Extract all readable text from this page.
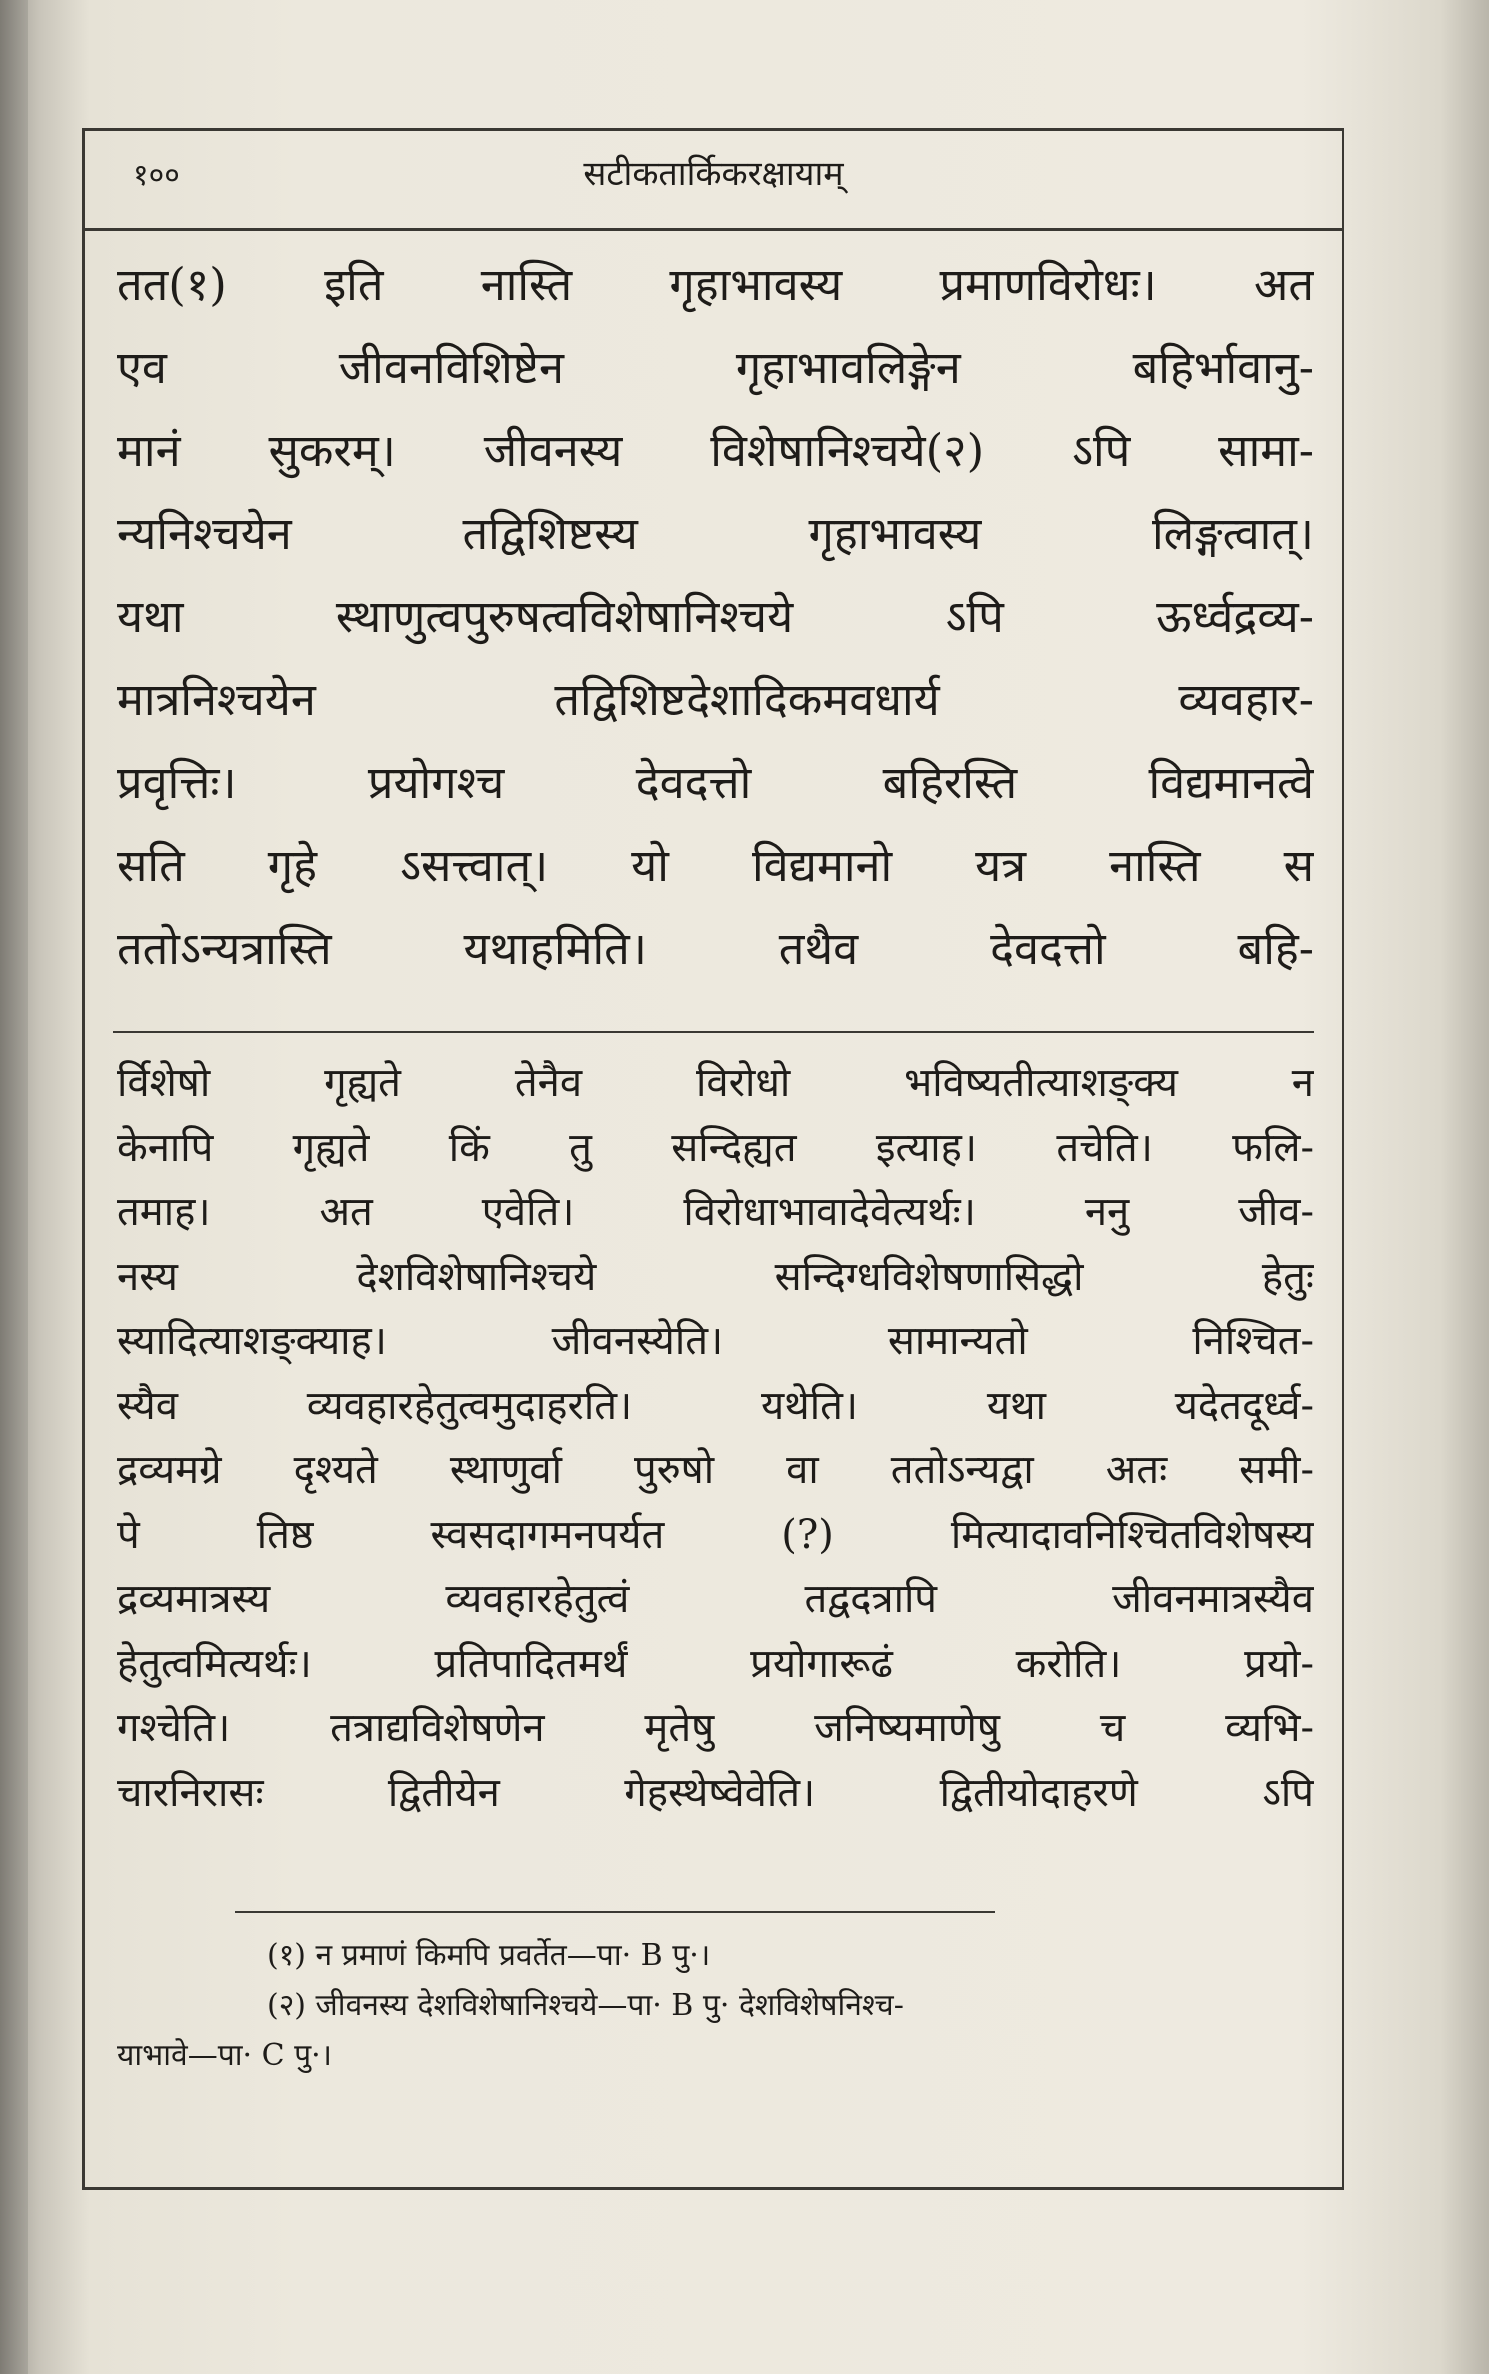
१००	सटीकतार्किकरक्षायाम्
तत(१) इति नास्ति गृहाभावस्य प्रमाणविरोधः। अत
एव जीवनविशिष्टेन गृहाभावलिङ्गेन बहिर्भावानु-
मानं सुकरम्। जीवनस्य विशेषानिश्चये(२) ऽपि सामा-
न्यनिश्चयेन तद्विशिष्टस्य गृहाभावस्य लिङ्गत्वात्।
यथा स्थाणुत्वपुरुषत्वविशेषानिश्चये ऽपि ऊर्ध्वद्रव्य-
मात्रनिश्चयेन तद्विशिष्टदेशादिकमवधार्य व्यवहार-
प्रवृत्तिः। प्रयोगश्च देवदत्तो बहिरस्ति विद्यमानत्वे
सति गृहे ऽसत्त्वात्। यो विद्यमानो यत्र नास्ति स
ततोऽन्यत्रास्ति यथाहमिति। तथैव देवदत्तो बहि-
र्विशेषो गृह्यते तेनैव विरोधो भविष्यतीत्याशङ्क्य न
केनापि गृह्यते किं तु सन्दिह्यत इत्याह। तचेति। फलि-
तमाह। अत एवेति। विरोधाभावादेवेत्यर्थः। ननु जीव-
नस्य देशविशेषानिश्चये सन्दिग्धविशेषणासिद्धो हेतुः
स्यादित्याशङ्क्याह। जीवनस्येति। सामान्यतो निश्चित-
स्यैव व्यवहारहेतुत्वमुदाहरति। यथेति। यथा यदेतदूर्ध्व-
द्रव्यमग्रे दृश्यते स्थाणुर्वा पुरुषो वा ततोऽन्यद्वा अतः समी-
पे तिष्ठ स्वसदागमनपर्यत (?) मित्यादावनिश्चितविशेषस्य
द्रव्यमात्रस्य व्यवहारहेतुत्वं तद्वदत्रापि जीवनमात्रस्यैव
हेतुत्वमित्यर्थः। प्रतिपादितमर्थं प्रयोगारूढं करोति। प्रयो-
गश्चेति। तत्राद्यविशेषणेन मृतेषु जनिष्यमाणेषु च व्यभि-
चारनिरासः द्वितीयेन गेहस्थेष्वेवेति। द्वितीयोदाहरणे ऽपि
(१) न प्रमाणं किमपि प्रवर्तेत—पा· B पु·।
(२) जीवनस्य देशविशेषानिश्चये—पा· B पु· देशविशेषनिश्च-
याभावे—पा· C पु·।
